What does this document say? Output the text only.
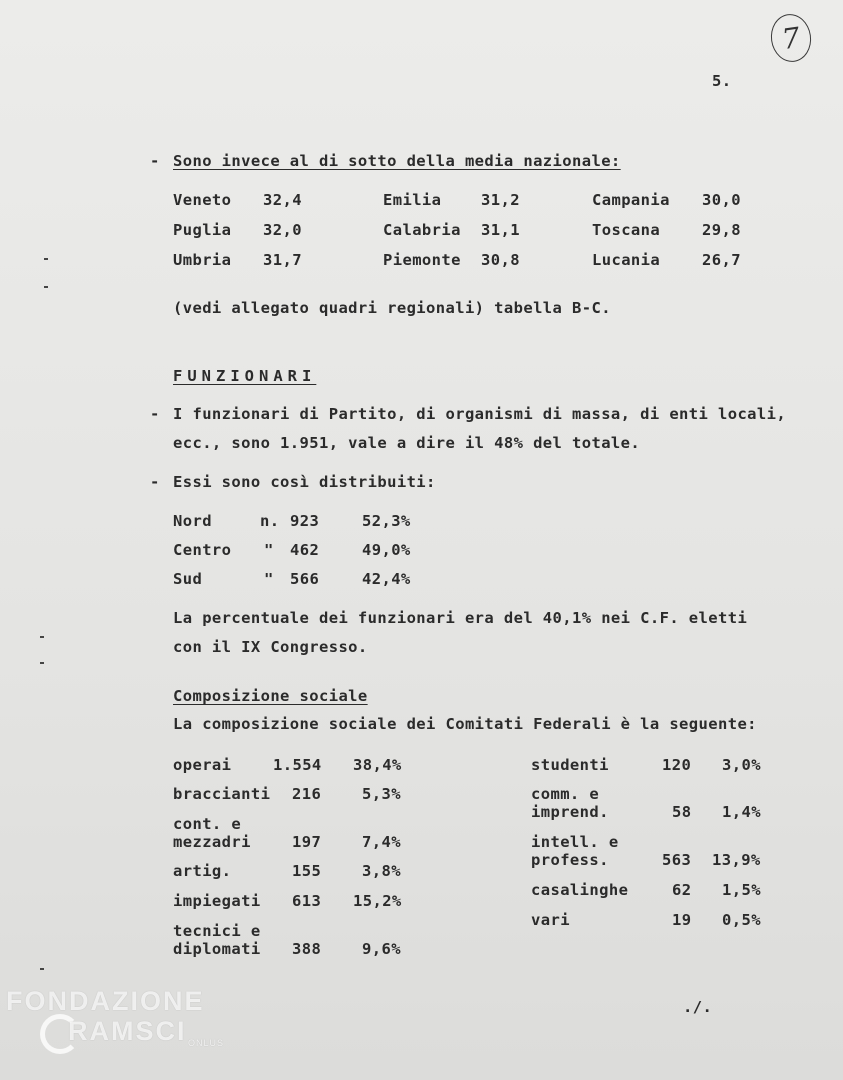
7
5.
- Sono invece al di sotto della media nazionale:
Veneto 32,4	Emilia	31,2	Campania 30,0
Puglia 32,0	Calabria 31,1	Toscana	29,8
Umbria 31,7	Piemonte 30,8	Lucania	26,7
(vedi allegato quadri regionali) tabella B-C.
FUNZIONARI
- I funzionari di Partito, di organismi di massa, di enti locali,
ecc., sono 1.951, vale a dire il 48% del totale.
- Essi sono così distribuiti:
Nord	n. 923	52,3%
Centro " 462	49,0%
Sud	" 566	42,4%
La percentuale dei funzionari era del 40,1% nei C.F. eletti
con il IX Congresso.
Composizione sociale
La composizione sociale dei Comitati Federali è la seguente:
operai	1.554 38,4%
braccianti 216	5,3%
cont. e
mezzadri	197	7,4%
artig.	155	3,8%
impiegati 613 15,2%
tecnici e
diplomati 388	9,6%
studenti	120 3,0%
comm. e
imprend.	58 1,4%
intell. e
profess.	563 13,9%
casalinghe	62 1,5%
vari	19 0,5%
./.
FONDAZIONE
RAMSCI ONLUS
